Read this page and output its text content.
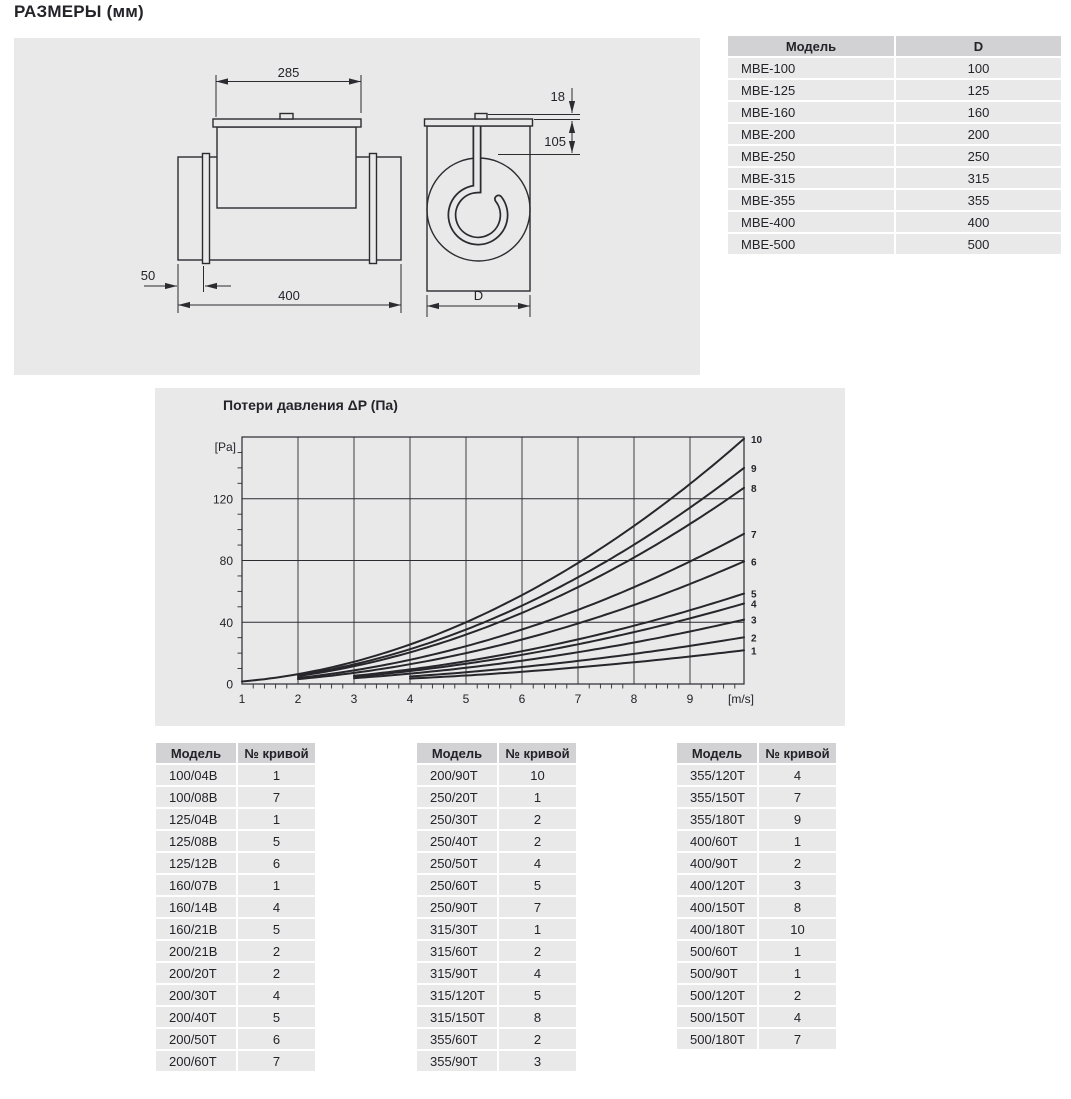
РАЗМЕРЫ (мм)
285
50
400
18
105
D
Модель	D
МВЕ-100	100
МВЕ-125	125
МВЕ-160	160
МВЕ-200	200
МВЕ-250	250
МВЕ-315	315
МВЕ-355	355
МВЕ-400	400
МВЕ-500	500
Потери давления ΔP (Па)
1	2	3	4	5	6	7	8	9	[m/s]
0
40
80
120
[Pa]
1
2
3
4
5
6
7
8
9
10
Модель	№ кривой
100/04В	1
100/08В	7
125/04В	1
125/08В	5
125/12В	6
160/07В	1
160/14В	4
160/21В	5
200/21В	2
200/20Т	2
200/30Т	4
200/40Т	5
200/50Т	6
200/60Т	7
Модель	№ кривой
200/90Т	10
250/20Т	1
250/30Т	2
250/40Т	2
250/50Т	4
250/60Т	5
250/90Т	7
315/30Т	1
315/60Т	2
315/90Т	4
315/120Т	5
315/150Т	8
355/60Т	2
355/90Т	3
Модель	№ кривой
355/120Т	4
355/150Т	7
355/180Т	9
400/60Т	1
400/90Т	2
400/120Т	3
400/150Т	8
400/180Т	10
500/60Т	1
500/90Т	1
500/120Т	2
500/150Т	4
500/180Т	7
